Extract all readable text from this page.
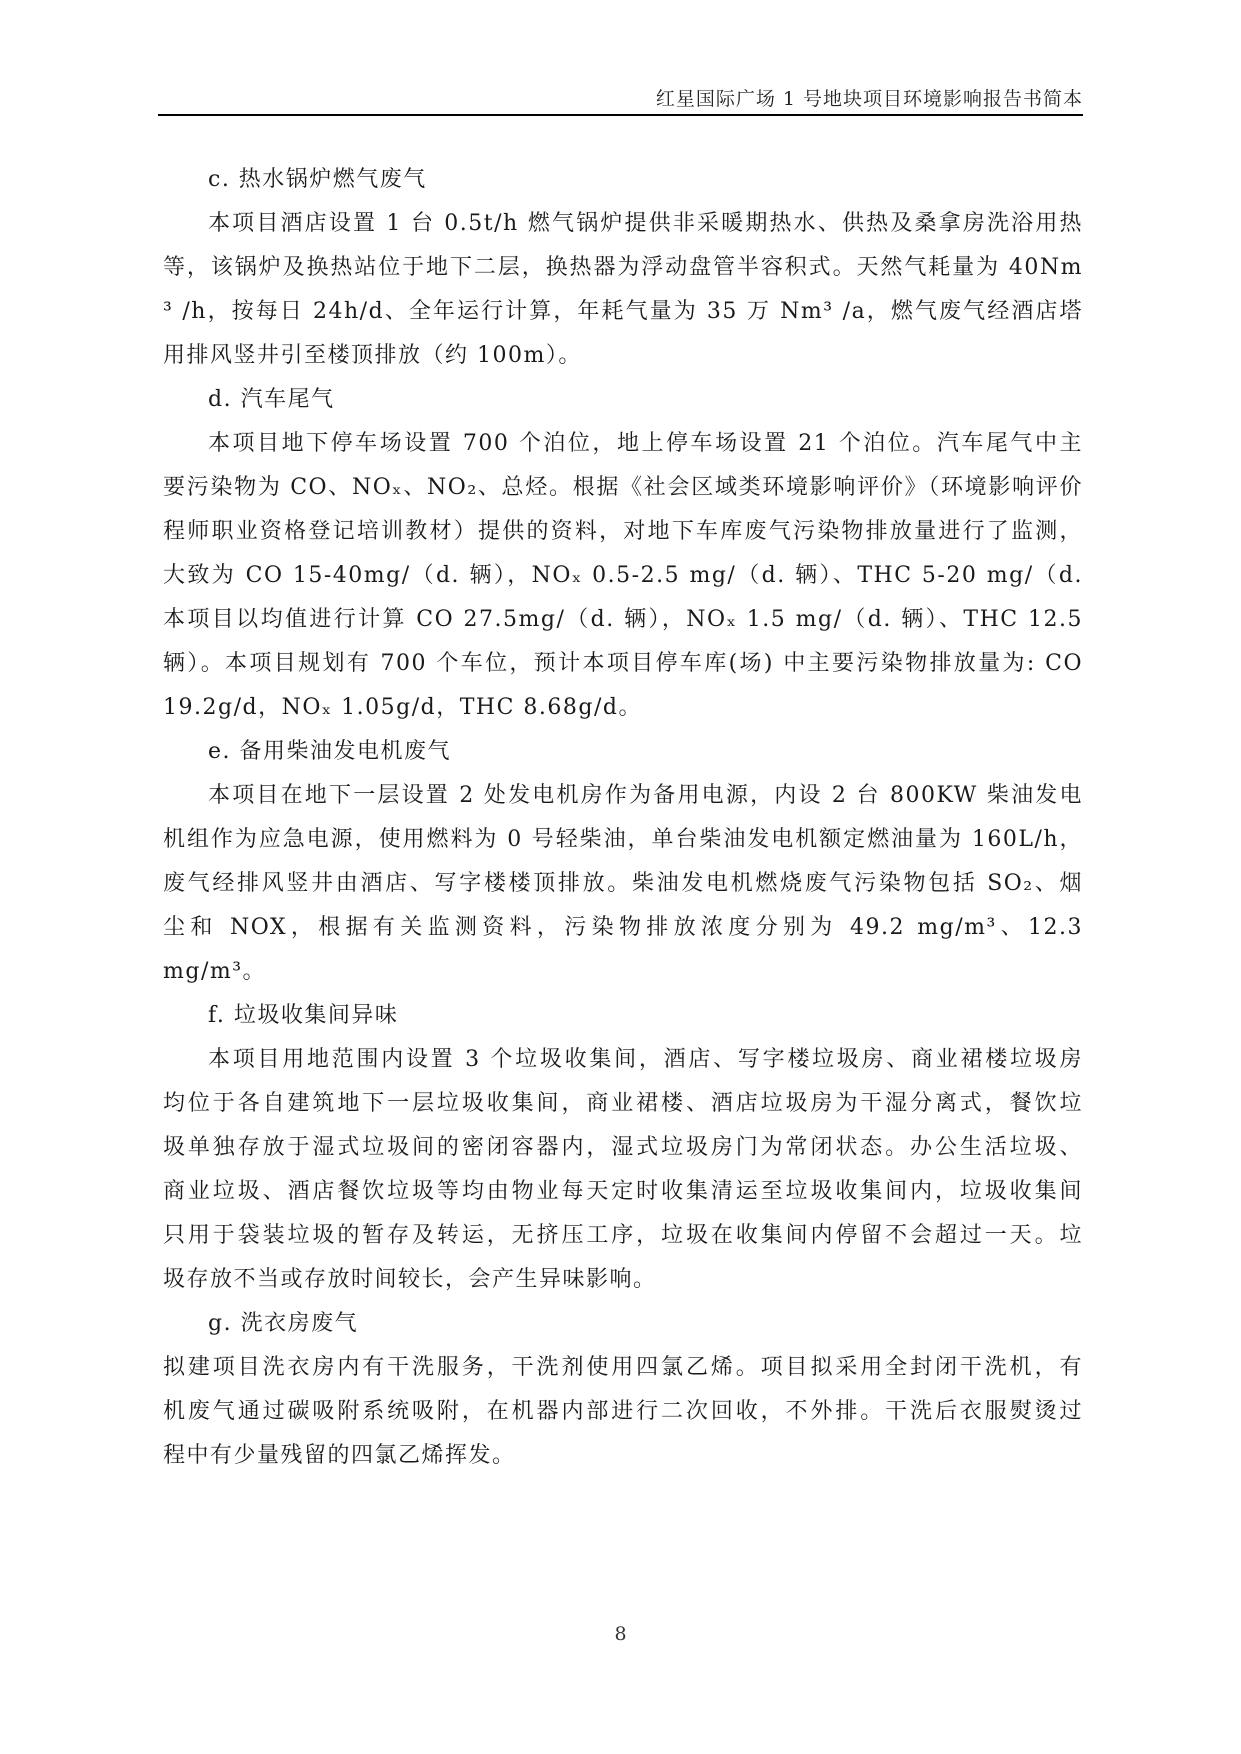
红星国际广场 1 号地块项目环境影响报告书简本
c. 热水锅炉燃气废气
本项目酒店设置 1 台 0.5t/h 燃气锅炉提供非采暖期热水、供热及桑拿房洗浴用热
等，该锅炉及换热站位于地下二层，换热器为浮动盘管半容积式。天然气耗量为 40Nm
³ /h，按每日 24h/d、全年运行计算，年耗气量为 35 万 Nm³ /a，燃气废气经酒店塔
用排风竖井引至楼顶排放（约 100m）。
d. 汽车尾气
本项目地下停车场设置 700 个泊位，地上停车场设置 21 个泊位。汽车尾气中主
要污染物为 CO、NOₓ、NO₂、总烃。根据《社会区域类环境影响评价》（环境影响评价
程师职业资格登记培训教材）提供的资料，对地下车库废气污染物排放量进行了监测，
大致为 CO 15-40mg/（d. 辆），NOₓ 0.5-2.5 mg/（d. 辆）、THC 5-20 mg/（d.
本项目以均值进行计算 CO 27.5mg/（d. 辆），NOₓ 1.5 mg/（d. 辆）、THC 12.5
辆）。本项目规划有 700 个车位，预计本项目停车库(场) 中主要污染物排放量为: CO
19.2g/d，NOₓ 1.05g/d，THC 8.68g/d。
e. 备用柴油发电机废气
本项目在地下一层设置 2 处发电机房作为备用电源，内设 2 台 800KW 柴油发电
机组作为应急电源，使用燃料为 0 号轻柴油，单台柴油发电机额定燃油量为 160L/h，
废气经排风竖井由酒店、写字楼楼顶排放。柴油发电机燃烧废气污染物包括 SO₂、烟
尘和 NOX，根据有关监测资料，污染物排放浓度分别为 49.2 mg/m³、12.3
mg/m³。
f. 垃圾收集间异味
本项目用地范围内设置 3 个垃圾收集间，酒店、写字楼垃圾房、商业裙楼垃圾房
均位于各自建筑地下一层垃圾收集间，商业裙楼、酒店垃圾房为干湿分离式，餐饮垃
圾单独存放于湿式垃圾间的密闭容器内，湿式垃圾房门为常闭状态。办公生活垃圾、
商业垃圾、酒店餐饮垃圾等均由物业每天定时收集清运至垃圾收集间内，垃圾收集间
只用于袋装垃圾的暂存及转运，无挤压工序，垃圾在收集间内停留不会超过一天。垃
圾存放不当或存放时间较长，会产生异味影响。
g. 洗衣房废气
拟建项目洗衣房内有干洗服务，干洗剂使用四氯乙烯。项目拟采用全封闭干洗机，有
机废气通过碳吸附系统吸附，在机器内部进行二次回收，不外排。干洗后衣服熨烫过
程中有少量残留的四氯乙烯挥发。
8
